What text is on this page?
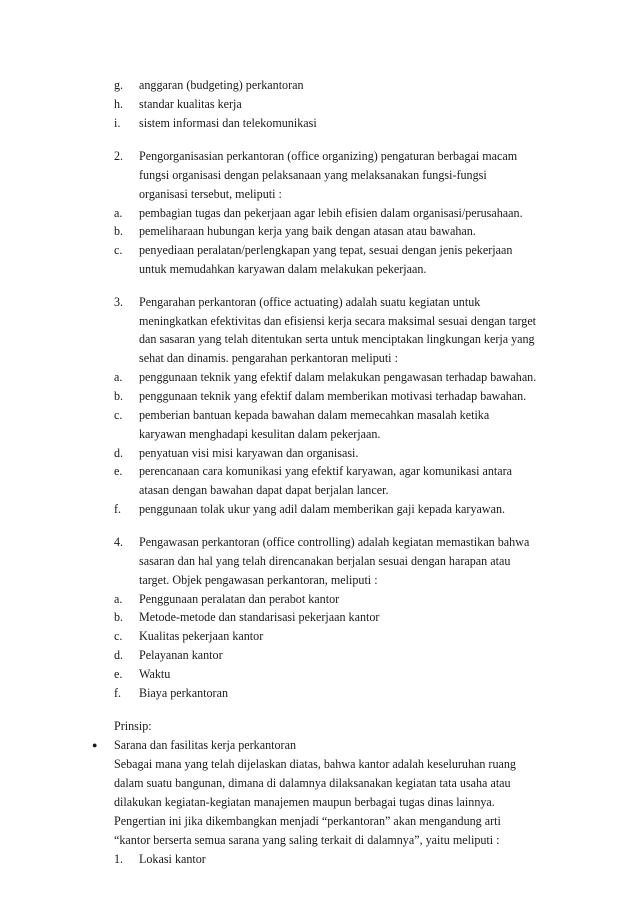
g. anggaran (budgeting) perkantoran
h. standar kualitas kerja
i. sistem informasi dan telekomunikasi
2. Pengorganisasian perkantoran (office organizing) pengaturan berbagai macam
fungsi organisasi dengan pelaksanaan yang melaksanakan fungsi-fungsi
organisasi tersebut, meliputi :
a. pembagian tugas dan pekerjaan agar lebih efisien dalam organisasi/perusahaan.
b. pemeliharaan hubungan kerja yang baik dengan atasan atau bawahan.
c. penyediaan peralatan/perlengkapan yang tepat, sesuai dengan jenis pekerjaan
untuk memudahkan karyawan dalam melakukan pekerjaan.
3. Pengarahan perkantoran (office actuating) adalah suatu kegiatan untuk
meningkatkan efektivitas dan efisiensi kerja secara maksimal sesuai dengan target
dan sasaran yang telah ditentukan serta untuk menciptakan lingkungan kerja yang
sehat dan dinamis. pengarahan perkantoran meliputi :
a. penggunaan teknik yang efektif dalam melakukan pengawasan terhadap bawahan.
b. penggunaan teknik yang efektif dalam memberikan motivasi terhadap bawahan.
c. pemberian bantuan kepada bawahan dalam memecahkan masalah ketika
karyawan menghadapi kesulitan dalam pekerjaan.
d. penyatuan visi misi karyawan dan organisasi.
e. perencanaan cara komunikasi yang efektif karyawan, agar komunikasi antara
atasan dengan bawahan dapat dapat berjalan lancer.
f. penggunaan tolak ukur yang adil dalam memberikan gaji kepada karyawan.
4. Pengawasan perkantoran (office controlling) adalah kegiatan memastikan bahwa
sasaran dan hal yang telah direncanakan berjalan sesuai dengan harapan atau
target. Objek pengawasan perkantoran, meliputi :
a. Penggunaan peralatan dan perabot kantor
b. Metode-metode dan standarisasi pekerjaan kantor
c. Kualitas pekerjaan kantor
d. Pelayanan kantor
e. Waktu
f. Biaya perkantoran
Prinsip:
● Sarana dan fasilitas kerja perkantoran
Sebagai mana yang telah dijelaskan diatas, bahwa kantor adalah keseluruhan ruang
dalam suatu bangunan, dimana di dalamnya dilaksanakan kegiatan tata usaha atau
dilakukan kegiatan-kegiatan manajemen maupun berbagai tugas dinas lainnya.
Pengertian ini jika dikembangkan menjadi “perkantoran” akan mengandung arti
“kantor berserta semua sarana yang saling terkait di dalamnya”, yaitu meliputi :
1. Lokasi kantor
